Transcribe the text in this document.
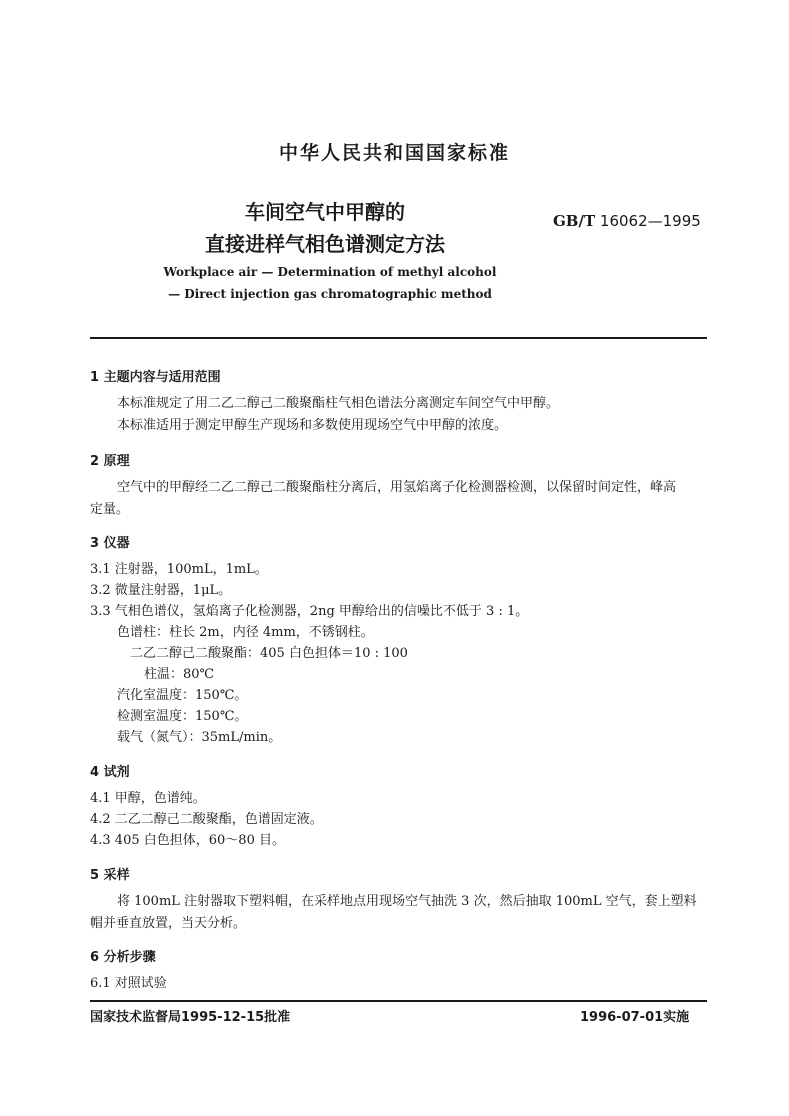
中华人民共和国国家标准
车间空气中甲醇的
直接进样气相色谱测定方法
GB/T 16062—1995
Workplace air — Determination of methyl alcohol
— Direct injection gas chromatographic method
1 主题内容与适用范围
本标准规定了用二乙二醇己二酸聚酯柱气相色谱法分离测定车间空气中甲醇。
本标准适用于测定甲醇生产现场和多数使用现场空气中甲醇的浓度。
2 原理
空气中的甲醇经二乙二醇己二酸聚酯柱分离后，用氢焰离子化检测器检测，以保留时间定性，峰高
定量。
3 仪器
3.1 注射器，100mL，1mL。
3.2 微量注射器，1μL。
3.3 气相色谱仪，氢焰离子化检测器，2ng 甲醇给出的信噪比不低于 3 : 1。
色谱柱：柱长 2m，内径 4mm，不锈钢柱。
二乙二醇己二酸聚酯：405 白色担体＝10 : 100
柱温：80℃
汽化室温度：150℃。
检测室温度：150℃。
载气（氮气）：35mL/min。
4 试剂
4.1 甲醇，色谱纯。
4.2 二乙二醇己二酸聚酯，色谱固定液。
4.3 405 白色担体，60～80 目。
5 采样
将 100mL 注射器取下塑料帽，在采样地点用现场空气抽洗 3 次，然后抽取 100mL 空气，套上塑料
帽并垂直放置，当天分析。
6 分析步骤
6.1 对照试验
国家技术监督局1995-12-15批准	1996-07-01实施
